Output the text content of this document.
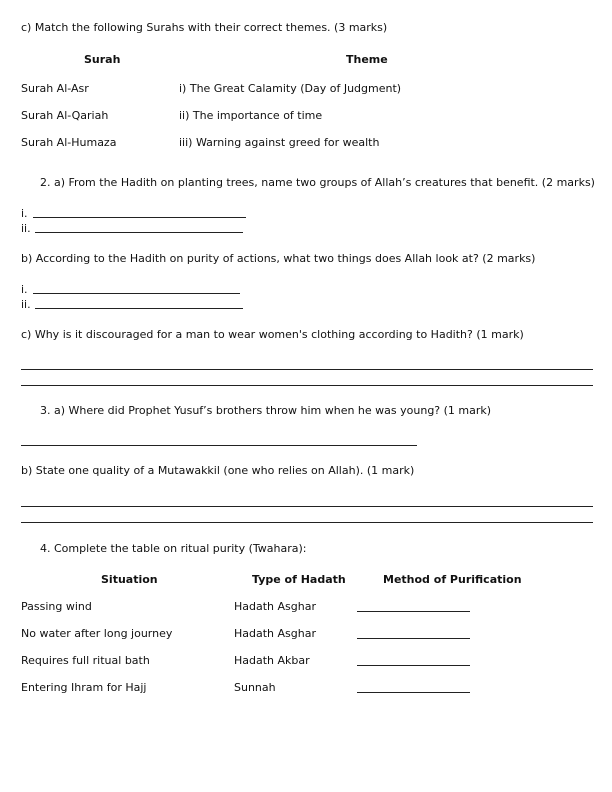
c) Match the following Surahs with their correct themes. (3 marks)
Surah	Theme
Surah Al-Asr	i) The Great Calamity (Day of Judgment)
Surah Al-Qariah	ii) The importance of time
Surah Al-Humaza	iii) Warning against greed for wealth
2. a) From the Hadith on planting trees, name two groups of Allah’s creatures that benefit. (2 marks)
i.
ii.
b) According to the Hadith on purity of actions, what two things does Allah look at? (2 marks)
i.
ii.
c) Why is it discouraged for a man to wear women's clothing according to Hadith? (1 mark)
3. a) Where did Prophet Yusuf’s brothers throw him when he was young? (1 mark)
b) State one quality of a Mutawakkil (one who relies on Allah). (1 mark)
4. Complete the table on ritual purity (Twahara):
Situation	Type of Hadath	Method of Purification
Passing wind	Hadath Asghar
No water after long journey	Hadath Asghar
Requires full ritual bath	Hadath Akbar
Entering Ihram for Hajj	Sunnah
